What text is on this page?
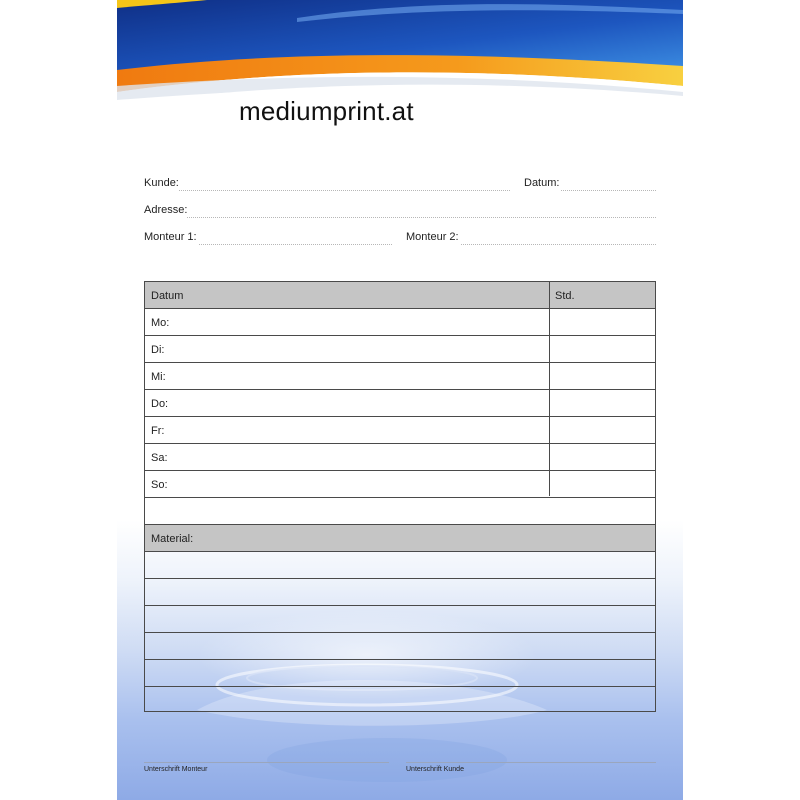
mediumprint.at
Kunde:	Datum:
Adresse:
Monteur 1:	Monteur 2:
Datum	Std.
Mo:
Di:
Mi:
Do:
Fr:
Sa:
So:
Material:
Unterschrift Monteur	Unterschrift Kunde
